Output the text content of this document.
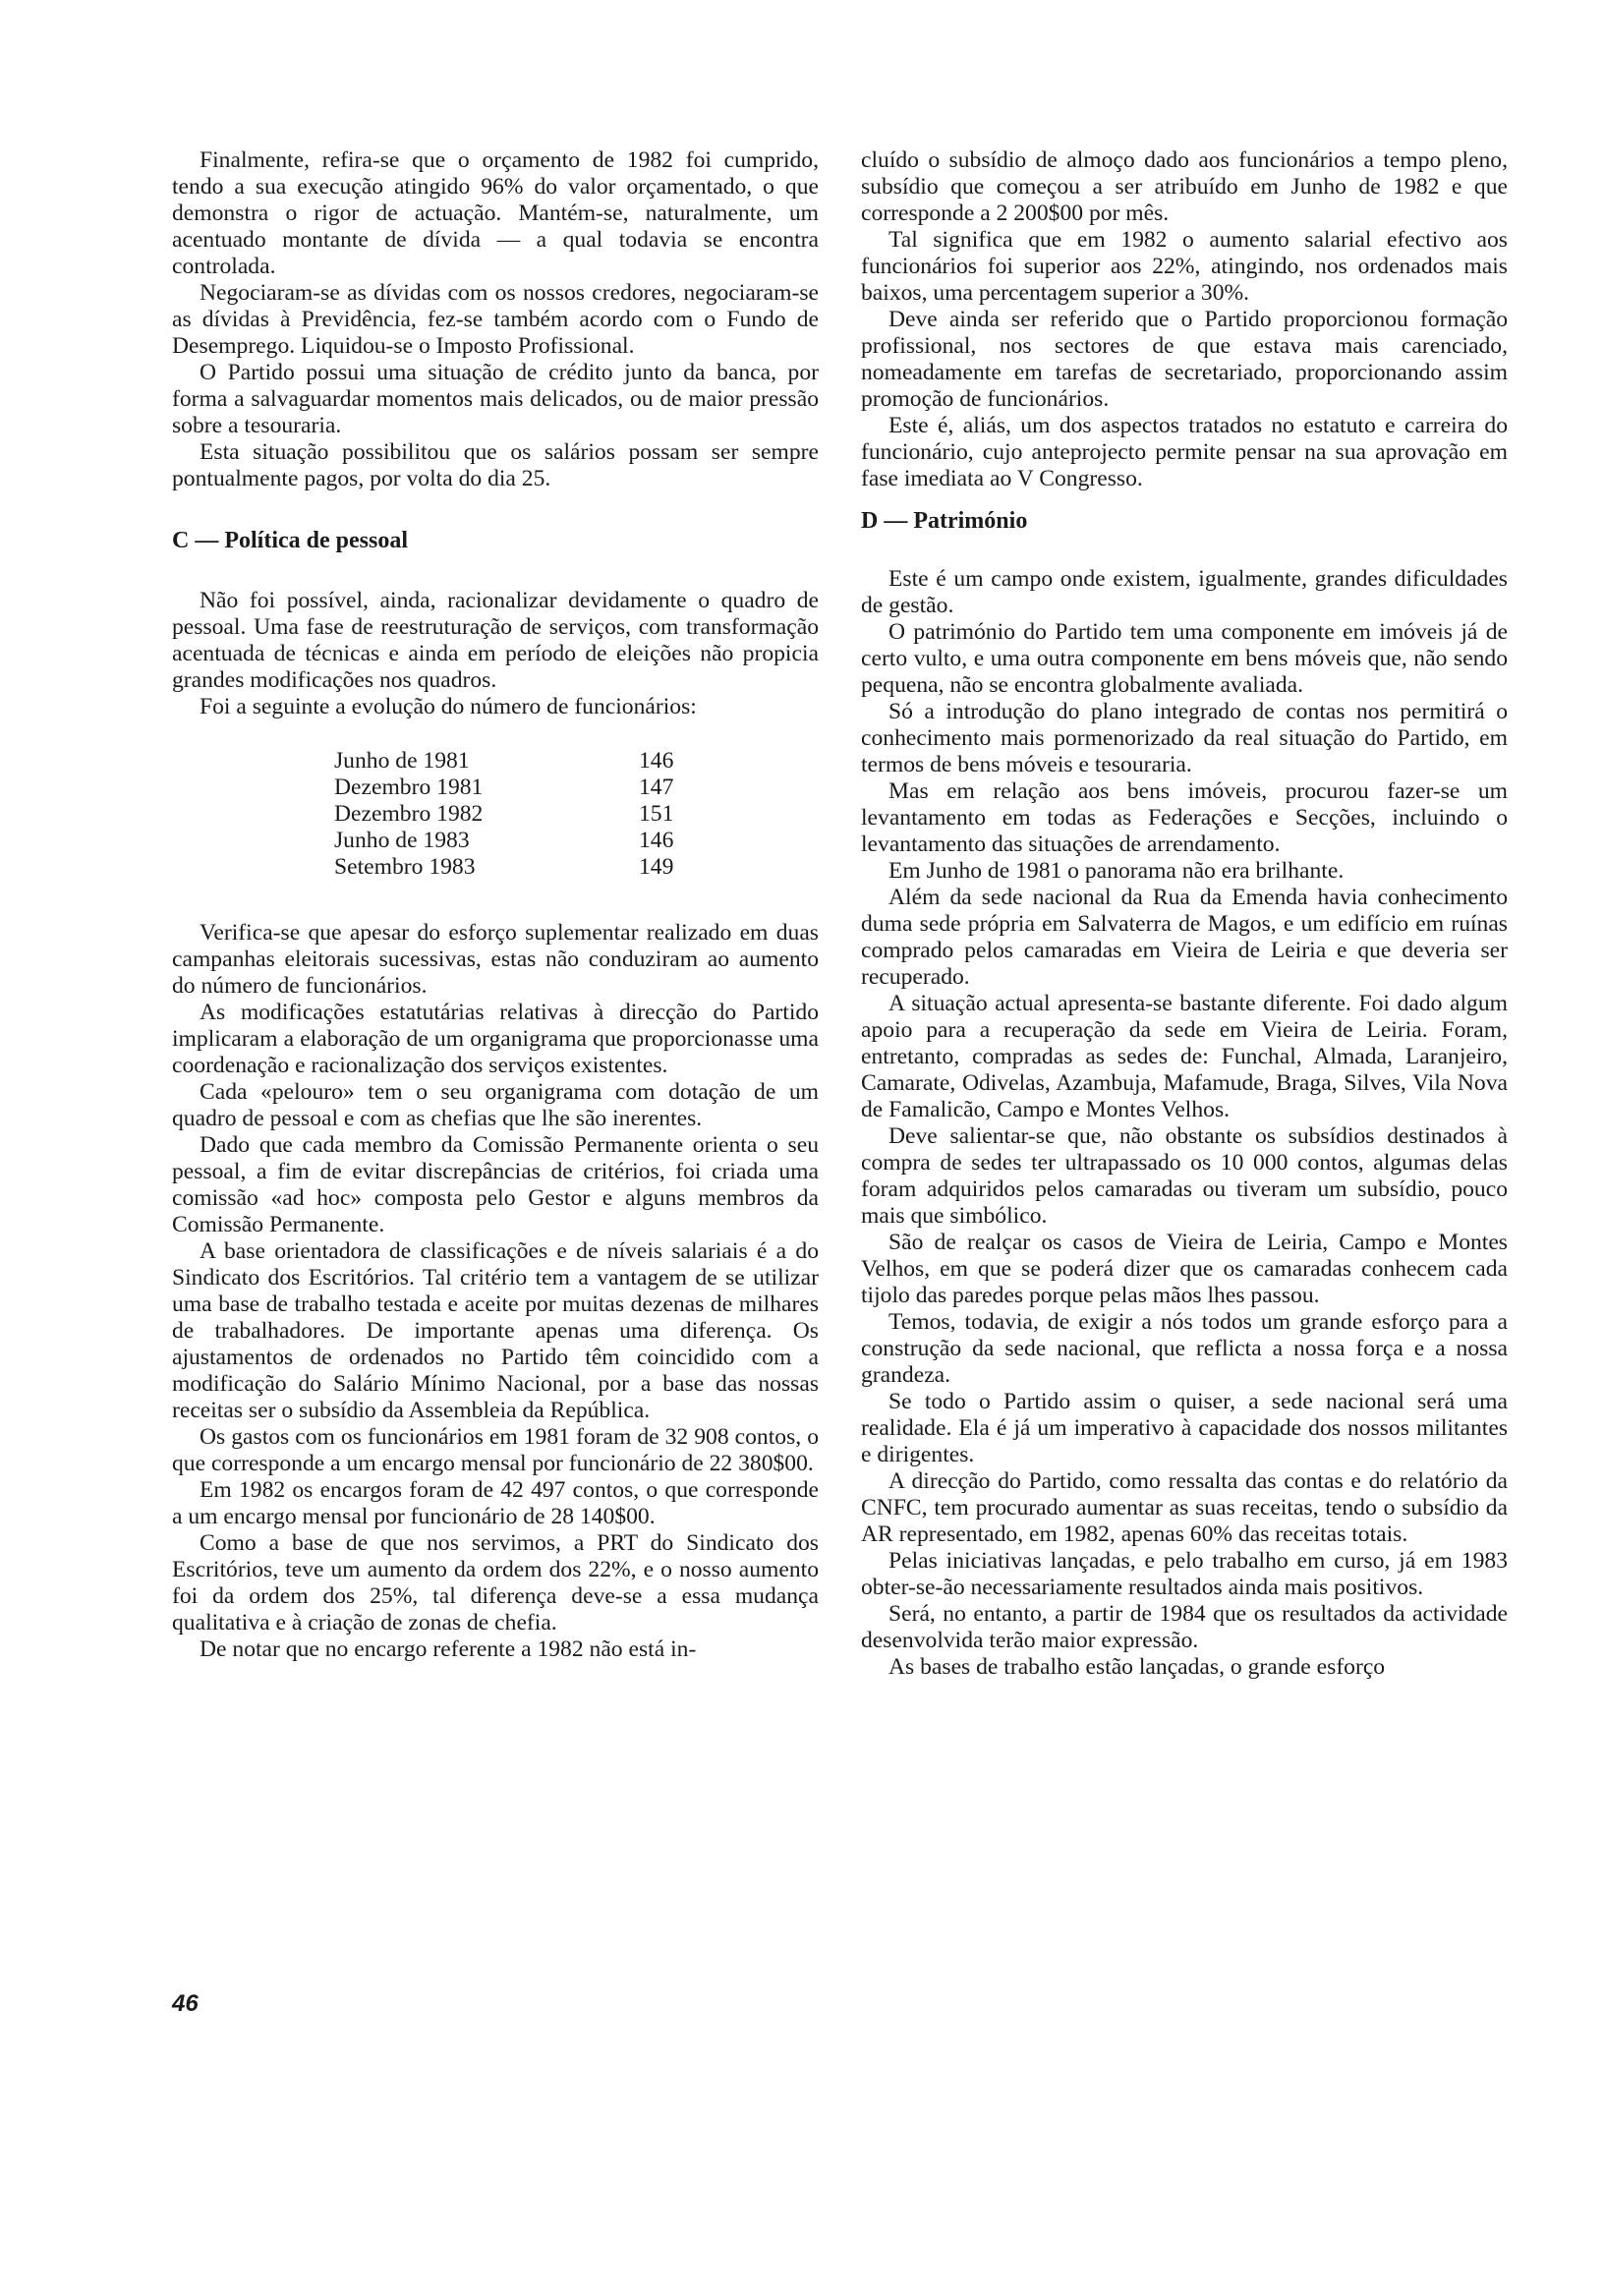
Finalmente, refira-se que o orçamento de 1982 foi cumprido, tendo a sua execução atingido 96% do valor orçamentado, o que demonstra o rigor de actuação. Mantém-se, naturalmente, um acentuado montante de dívida — a qual todavia se encontra controlada.

Negociaram-se as dívidas com os nossos credores, negociaram-se as dívidas à Previdência, fez-se também acordo com o Fundo de Desemprego. Liquidou-se o Imposto Profissional.

O Partido possui uma situação de crédito junto da banca, por forma a salvaguardar momentos mais delicados, ou de maior pressão sobre a tesouraria.

Esta situação possibilitou que os salários possam ser sempre pontualmente pagos, por volta do dia 25.

C — Política de pessoal

Não foi possível, ainda, racionalizar devidamente o quadro de pessoal. Uma fase de reestruturação de serviços, com transformação acentuada de técnicas e ainda em período de eleições não propicia grandes modificações nos quadros.

Foi a seguinte a evolução do número de funcionários:

Junho de 1981	146
Dezembro 1981	147
Dezembro 1982	151
Junho de 1983	146
Setembro 1983	149

Verifica-se que apesar do esforço suplementar realizado em duas campanhas eleitorais sucessivas, estas não conduziram ao aumento do número de funcionários.

As modificações estatutárias relativas à direcção do Partido implicaram a elaboração de um organigrama que proporcionasse uma coordenação e racionalização dos serviços existentes.

Cada «pelouro» tem o seu organigrama com dotação de um quadro de pessoal e com as chefias que lhe são inerentes.

Dado que cada membro da Comissão Permanente orienta o seu pessoal, a fim de evitar discrepâncias de critérios, foi criada uma comissão «ad hoc» composta pelo Gestor e alguns membros da Comissão Permanente.

A base orientadora de classificações e de níveis salariais é a do Sindicato dos Escritórios. Tal critério tem a vantagem de se utilizar uma base de trabalho testada e aceite por muitas dezenas de milhares de trabalhadores. De importante apenas uma diferença. Os ajustamentos de ordenados no Partido têm coincidido com a modificação do Salário Mínimo Nacional, por a base das nossas receitas ser o subsídio da Assembleia da República.

Os gastos com os funcionários em 1981 foram de 32 908 contos, o que corresponde a um encargo mensal por funcionário de 22 380$00.

Em 1982 os encargos foram de 42 497 contos, o que corresponde a um encargo mensal por funcionário de 28 140$00.

Como a base de que nos servimos, a PRT do Sindicato dos Escritórios, teve um aumento da ordem dos 22%, e o nosso aumento foi da ordem dos 25%, tal diferença deve-se a essa mudança qualitativa e à criação de zonas de chefia.

De notar que no encargo referente a 1982 não está in-

cluído o subsídio de almoço dado aos funcionários a tempo pleno, subsídio que começou a ser atribuído em Junho de 1982 e que corresponde a 2 200$00 por mês.

Tal significa que em 1982 o aumento salarial efectivo aos funcionários foi superior aos 22%, atingindo, nos ordenados mais baixos, uma percentagem superior a 30%.

Deve ainda ser referido que o Partido proporcionou formação profissional, nos sectores de que estava mais carenciado, nomeadamente em tarefas de secretariado, proporcionando assim promoção de funcionários.

Este é, aliás, um dos aspectos tratados no estatuto e carreira do funcionário, cujo anteprojecto permite pensar na sua aprovação em fase imediata ao V Congresso.

D — Património

Este é um campo onde existem, igualmente, grandes dificuldades de gestão.

O património do Partido tem uma componente em imóveis já de certo vulto, e uma outra componente em bens móveis que, não sendo pequena, não se encontra globalmente avaliada.

Só a introdução do plano integrado de contas nos permitirá o conhecimento mais pormenorizado da real situação do Partido, em termos de bens móveis e tesouraria.

Mas em relação aos bens imóveis, procurou fazer-se um levantamento em todas as Federações e Secções, incluindo o levantamento das situações de arrendamento.

Em Junho de 1981 o panorama não era brilhante.

Além da sede nacional da Rua da Emenda havia conhecimento duma sede própria em Salvaterra de Magos, e um edifício em ruínas comprado pelos camaradas em Vieira de Leiria e que deveria ser recuperado.

A situação actual apresenta-se bastante diferente. Foi dado algum apoio para a recuperação da sede em Vieira de Leiria. Foram, entretanto, compradas as sedes de: Funchal, Almada, Laranjeiro, Camarate, Odivelas, Azambuja, Mafamude, Braga, Silves, Vila Nova de Famalicão, Campo e Montes Velhos.

Deve salientar-se que, não obstante os subsídios destinados à compra de sedes ter ultrapassado os 10 000 contos, algumas delas foram adquiridos pelos camaradas ou tiveram um subsídio, pouco mais que simbólico.

São de realçar os casos de Vieira de Leiria, Campo e Montes Velhos, em que se poderá dizer que os camaradas conhecem cada tijolo das paredes porque pelas mãos lhes passou.

Temos, todavia, de exigir a nós todos um grande esforço para a construção da sede nacional, que reflicta a nossa força e a nossa grandeza.

Se todo o Partido assim o quiser, a sede nacional será uma realidade. Ela é já um imperativo à capacidade dos nossos militantes e dirigentes.

A direcção do Partido, como ressalta das contas e do relatório da CNFC, tem procurado aumentar as suas receitas, tendo o subsídio da AR representado, em 1982, apenas 60% das receitas totais.

Pelas iniciativas lançadas, e pelo trabalho em curso, já em 1983 obter-se-ão necessariamente resultados ainda mais positivos.

Será, no entanto, a partir de 1984 que os resultados da actividade desenvolvida terão maior expressão.

As bases de trabalho estão lançadas, o grande esforço

46
